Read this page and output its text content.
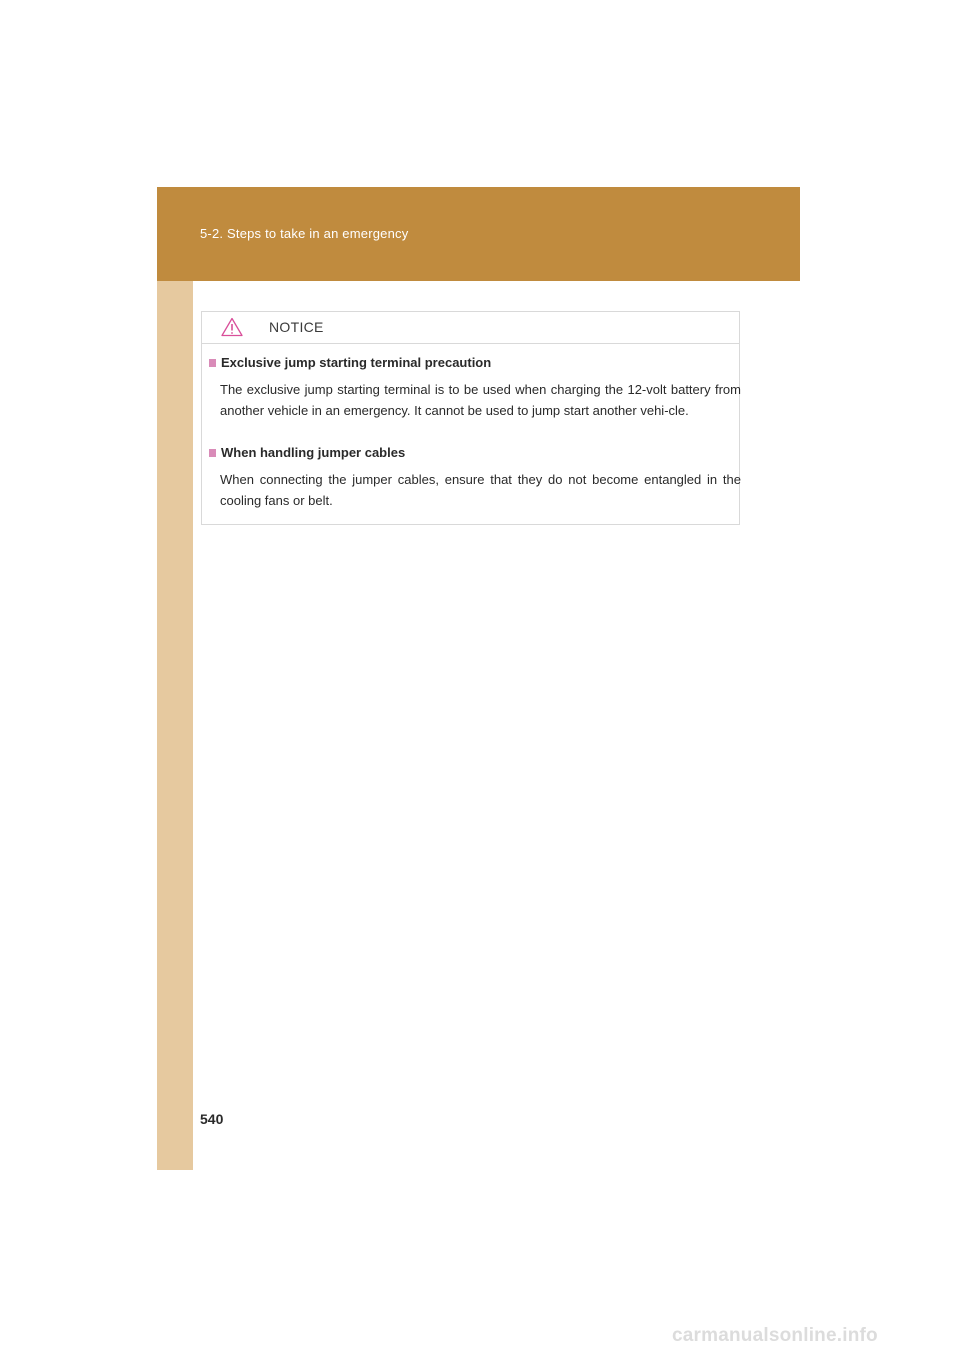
5-2. Steps to take in an emergency
NOTICE
Exclusive jump starting terminal precaution
The exclusive jump starting terminal is to be used when charging the 12-volt battery from another vehicle in an emergency. It cannot be used to jump start another vehi-cle.
When handling jumper cables
When connecting the jumper cables, ensure that they do not become entangled in the cooling fans or belt.
540
carmanualsonline.info
